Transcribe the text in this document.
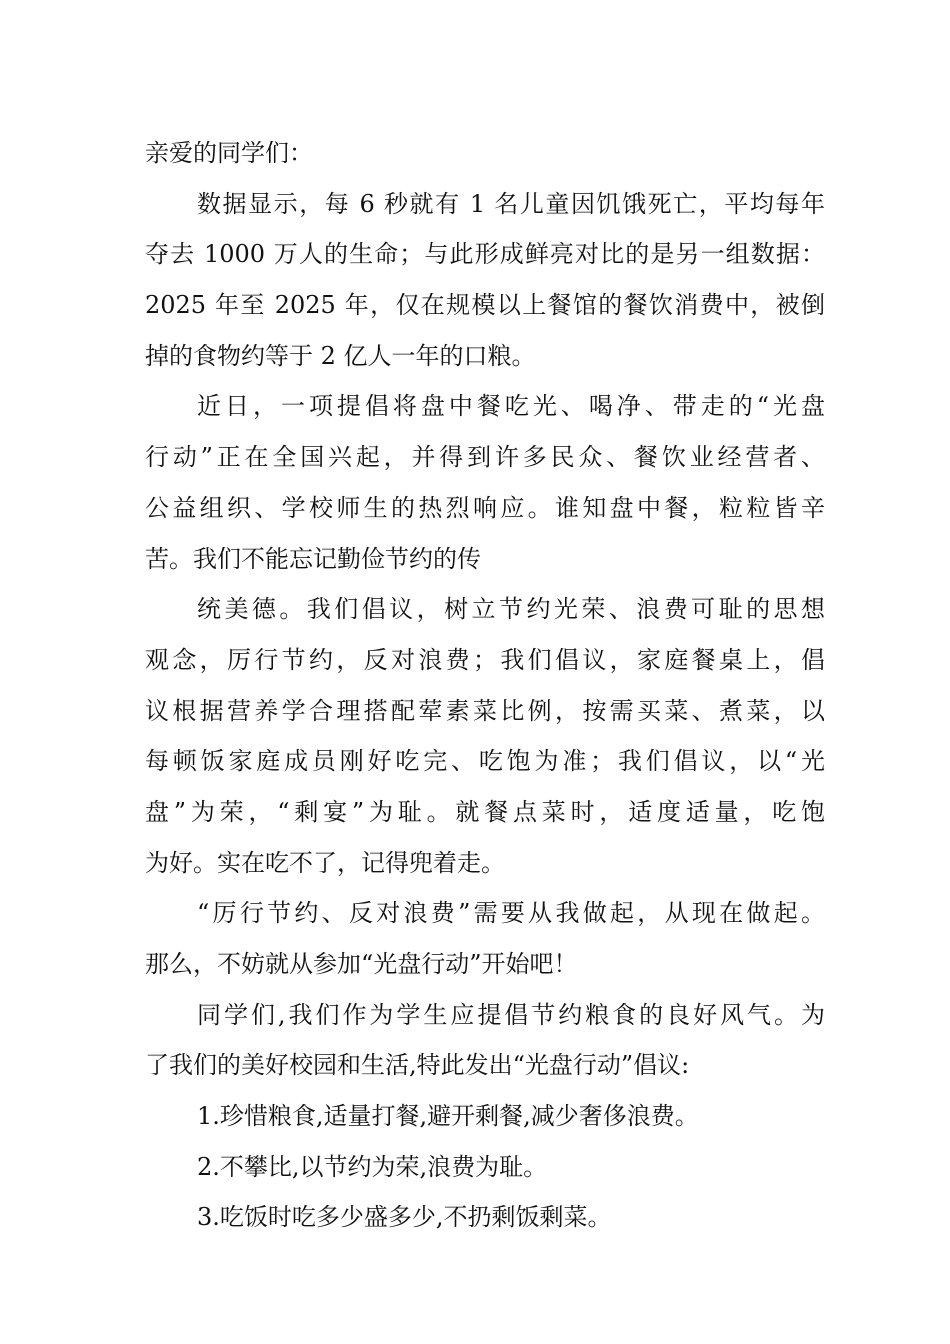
亲爱的同学们：
数据显示，每 6 秒就有 1 名儿童因饥饿死亡，平均每年
夺去 1000 万人的生命；与此形成鲜亮对比的是另一组数据：
2025 年至 2025 年，仅在规模以上餐馆的餐饮消费中，被倒
掉的食物约等于 2 亿人一年的口粮。
近日，一项提倡将盘中餐吃光、喝净、带走的“光盘
行动”正在全国兴起，并得到许多民众、餐饮业经营者、
公益组织、学校师生的热烈响应。谁知盘中餐，粒粒皆辛
苦。我们不能忘记勤俭节约的传
统美德。我们倡议，树立节约光荣、浪费可耻的思想
观念，厉行节约，反对浪费；我们倡议，家庭餐桌上，倡
议根据营养学合理搭配荤素菜比例，按需买菜、煮菜，以
每顿饭家庭成员刚好吃完、吃饱为准；我们倡议，以“光
盘”为荣，“剩宴”为耻。就餐点菜时，适度适量，吃饱
为好。实在吃不了，记得兜着走。
“厉行节约、反对浪费”需要从我做起，从现在做起。
那么，不妨就从参加“光盘行动”开始吧！
同学们,我们作为学生应提倡节约粮食的良好风气。为
了我们的美好校园和生活,特此发出“光盘行动”倡议:
1.珍惜粮食,适量打餐,避开剩餐,减少奢侈浪费。
2.不攀比,以节约为荣,浪费为耻。
3.吃饭时吃多少盛多少,不扔剩饭剩菜。
